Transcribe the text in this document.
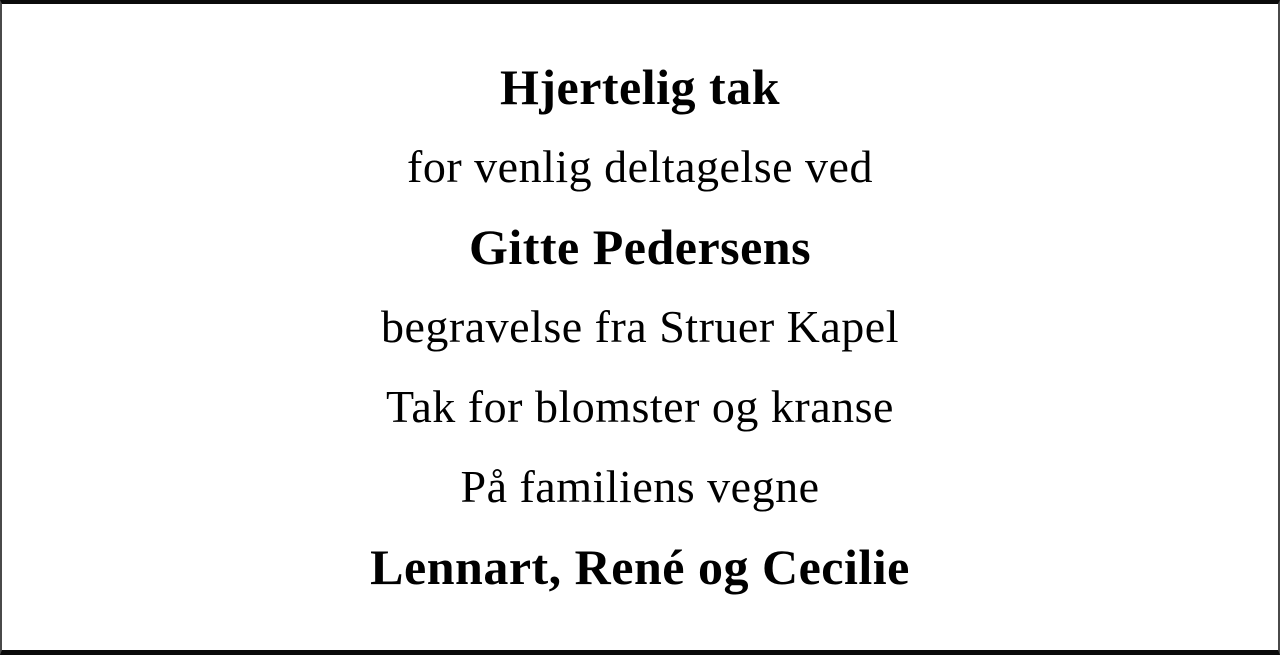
Hjertelig tak
for venlig deltagelse ved
Gitte Pedersens
begravelse fra Struer Kapel
Tak for blomster og kranse
På familiens vegne
Lennart, René og Cecilie
